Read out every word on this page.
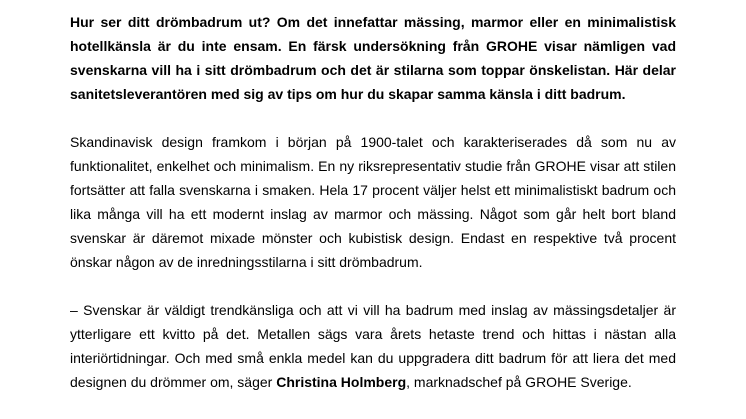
Hur ser ditt drömbadrum ut? Om det innefattar mässing, marmor eller en minimalistisk hotellkänsla är du inte ensam. En färsk undersökning från GROHE visar nämligen vad svenskarna vill ha i sitt drömbadrum och det är stilarna som toppar önskelistan. Här delar sanitetsleverantören med sig av tips om hur du skapar samma känsla i ditt badrum.

Skandinavisk design framkom i början på 1900-talet och karakteriserades då som nu av funktionalitet, enkelhet och minimalism. En ny riksrepresentativ studie från GROHE visar att stilen fortsätter att falla svenskarna i smaken. Hela 17 procent väljer helst ett minimalistiskt badrum och lika många vill ha ett modernt inslag av marmor och mässing. Något som går helt bort bland svenskar är däremot mixade mönster och kubistisk design. Endast en respektive två procent önskar någon av de inredningsstilarna i sitt drömbadrum.

– Svenskar är väldigt trendkänsliga och att vi vill ha badrum med inslag av mässingsdetaljer är ytterligare ett kvitto på det. Metallen sägs vara årets hetaste trend och hittas i nästan alla interiörtidningar. Och med små enkla medel kan du uppgradera ditt badrum för att liera det med designen du drömmer om, säger Christina Holmberg, marknadschef på GROHE Sverige.
